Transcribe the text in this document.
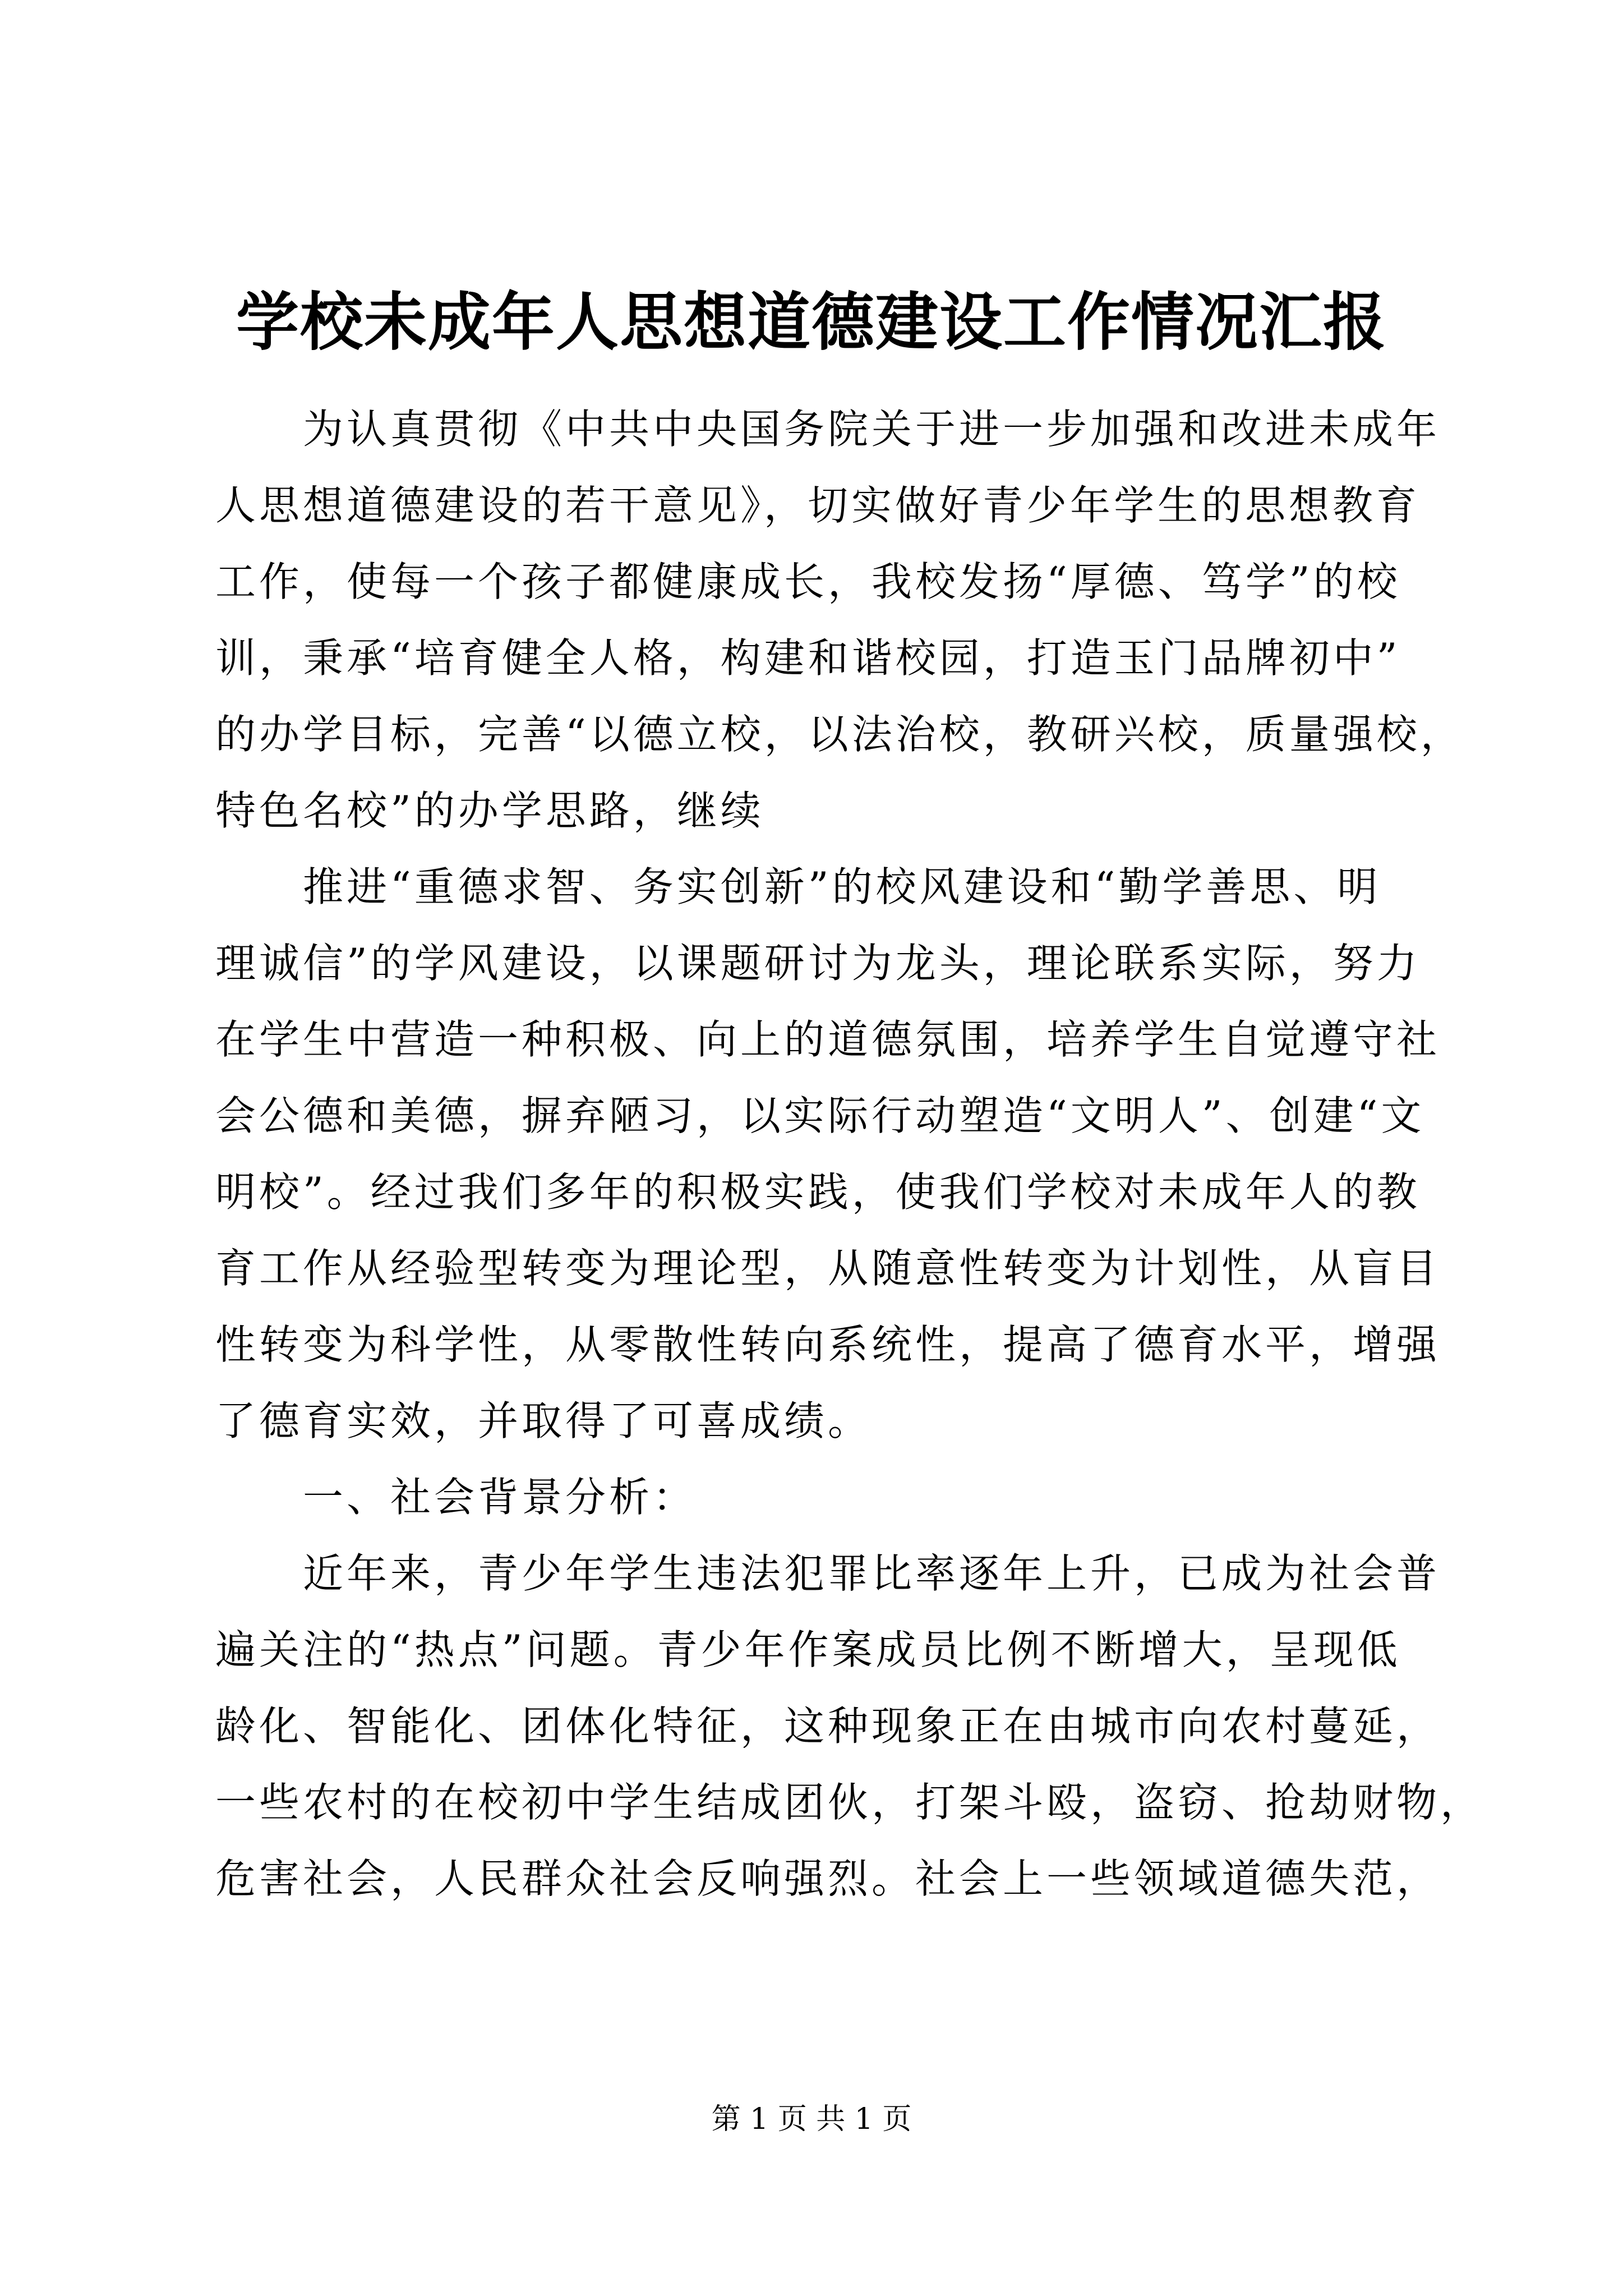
学校未成年人思想道德建设工作情况汇报
　　为认真贯彻《中共中央国务院关于进一步加强和改进未成年
人思想道德建设的若干意见》，切实做好青少年学生的思想教育
工作，使每一个孩子都健康成长，我校发扬“厚德、笃学”的校
训，秉承“培育健全人格，构建和谐校园，打造玉门品牌初中”
的办学目标，完善“以德立校，以法治校，教研兴校，质量强校，
特色名校”的办学思路，继续
　　推进“重德求智、务实创新”的校风建设和“勤学善思、明
理诚信”的学风建设，以课题研讨为龙头，理论联系实际，努力
在学生中营造一种积极、向上的道德氛围，培养学生自觉遵守社
会公德和美德，摒弃陋习，以实际行动塑造“文明人”、创建“文
明校”。经过我们多年的积极实践，使我们学校对未成年人的教
育工作从经验型转变为理论型，从随意性转变为计划性，从盲目
性转变为科学性，从零散性转向系统性，提高了德育水平，增强
了德育实效，并取得了可喜成绩。
　　一、社会背景分析：
　　近年来，青少年学生违法犯罪比率逐年上升，已成为社会普
遍关注的“热点”问题。青少年作案成员比例不断增大，呈现低
龄化、智能化、团体化特征，这种现象正在由城市向农村蔓延，
一些农村的在校初中学生结成团伙，打架斗殴，盗窃、抢劫财物，
危害社会，人民群众社会反响强烈。社会上一些领域道德失范，
第 1 页 共 1 页
